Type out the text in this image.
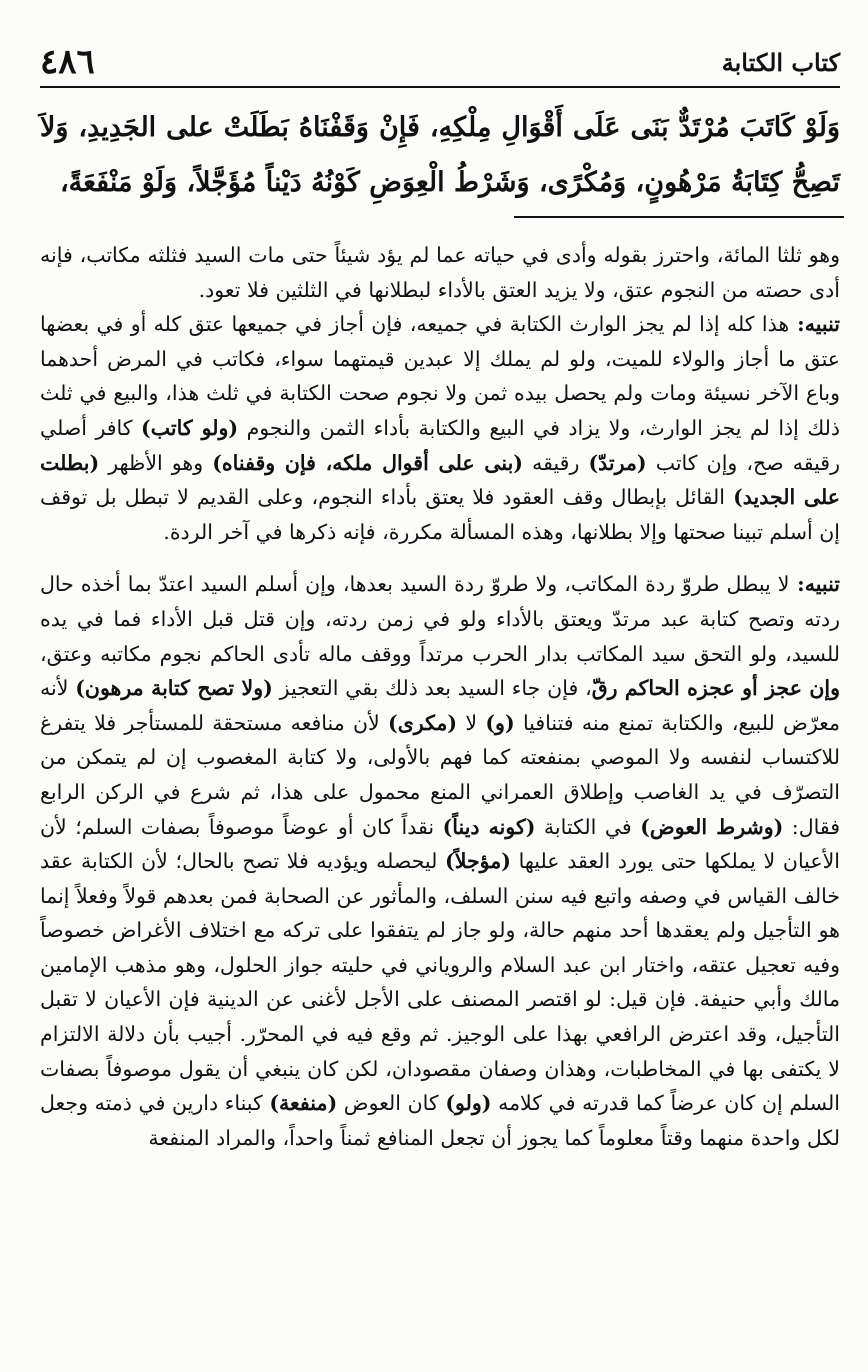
٤٨٦	كتاب الكتابة
وَلَوْ كَاتَبَ مُرْتَدٌّ بَنَى عَلَى أَقْوَالِ مِلْكِهِ، فَإِنْ وَقَفْنَاهُ بَطَلَتْ على الجَدِيدِ، وَلاَ تَصِحُّ كِتَابَةُ مَرْهُونٍ، وَمُكْرًى، وَشَرْطُ الْعِوَضِ كَوْنُهُ دَيْناً مُؤَجَّلاً، وَلَوْ مَنْفَعَةً،

وهو ثلثا المائة، واحترز بقوله وأدى في حياته عما لم يؤد شيئاً حتى مات السيد فثلثه مكاتب، فإنه أدى حصته من النجوم عتق، ولا يزيد العتق بالأداء لبطلانها في الثلثين فلا تعود.

تنبيه: هذا كله إذا لم يجز الوارث الكتابة في جميعه، فإن أجاز في جميعها عتق كله أو في بعضها عتق ما أجاز والولاء للميت، ولو لم يملك إلا عبدين قيمتهما سواء، فكاتب في المرض أحدهما وباع الآخر نسيئة ومات ولم يحصل بيده ثمن ولا نجوم صحت الكتابة في ثلث هذا، والبيع في ثلث ذلك إذا لم يجز الوارث، ولا يزاد في البيع والكتابة بأداء الثمن والنجوم (ولو كاتب) كافر أصلي رقيقه صح، وإن كاتب (مرتدّ) رقيقه (بنى على أقوال ملكه، فإن وقفناه) وهو الأظهر (بطلت على الجديد) القائل بإبطال وقف العقود فلا يعتق بأداء النجوم، وعلى القديم لا تبطل بل توقف إن أسلم تبينا صحتها وإلا بطلانها، وهذه المسألة مكررة، فإنه ذكرها في آخر الردة.

تنبيه: لا يبطل طروّ ردة المكاتب، ولا طروّ ردة السيد بعدها، وإن أسلم السيد اعتدّ بما أخذه حال ردته وتصح كتابة عبد مرتدّ ويعتق بالأداء ولو في زمن ردته، وإن قتل قبل الأداء فما في يده للسيد، ولو التحق سيد المكاتب بدار الحرب مرتداً ووقف ماله تأدى الحاكم نجوم مكاتبه وعتق، وإن عجز أو عجزه الحاكم رقّ، فإن جاء السيد بعد ذلك بقي التعجيز (ولا تصح كتابة مرهون) لأنه معرّض للبيع، والكتابة تمنع منه فتنافيا (و) لا (مكرى) لأن منافعه مستحقة للمستأجر فلا يتفرغ للاكتساب لنفسه ولا الموصي بمنفعته كما فهم بالأولى، ولا كتابة المغصوب إن لم يتمكن من التصرّف في يد الغاصب وإطلاق العمراني المنع محمول على هذا، ثم شرع في الركن الرابع فقال: (وشرط العوض) في الكتابة (كونه ديناً) نقداً كان أو عوضاً موصوفاً بصفات السلم؛ لأن الأعيان لا يملكها حتى يورد العقد عليها (مؤجلاً) ليحصله ويؤديه فلا تصح بالحال؛ لأن الكتابة عقد خالف القياس في وصفه واتبع فيه سنن السلف، والمأثور عن الصحابة فمن بعدهم قولاً وفعلاً إنما هو التأجيل ولم يعقدها أحد منهم حالة، ولو جاز لم يتفقوا على تركه مع اختلاف الأغراض خصوصاً وفيه تعجيل عتقه، واختار ابن عبد السلام والروياني في حليته جواز الحلول، وهو مذهب الإمامين مالك وأبي حنيفة. فإن قيل: لو اقتصر المصنف على الأجل لأغنى عن الدينية فإن الأعيان لا تقبل التأجيل، وقد اعترض الرافعي بهذا على الوجيز. ثم وقع فيه في المحرّر. أجيب بأن دلالة الالتزام لا يكتفى بها في المخاطبات، وهذان وصفان مقصودان، لكن كان ينبغي أن يقول موصوفاً بصفات السلم إن كان عرضاً كما قدرته في كلامه (ولو) كان العوض (منفعة) كبناء دارين في ذمته وجعل لكل واحدة منهما وقتاً معلوماً كما يجوز أن تجعل المنافع ثمناً واحداً، والمراد المنفعة
